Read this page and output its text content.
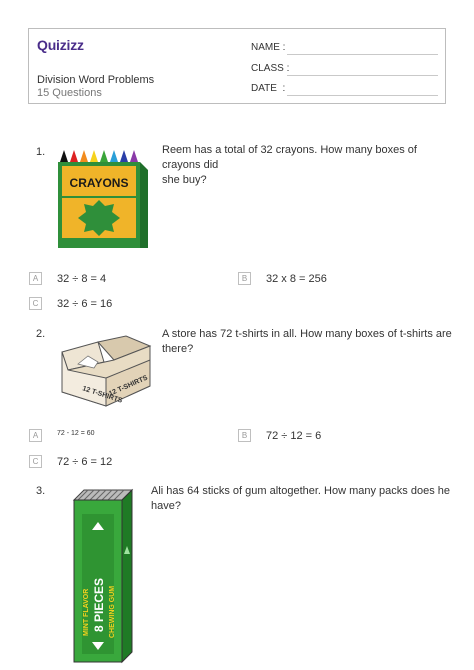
Quizizz
Division Word Problems
15 Questions
NAME :
CLASS :
DATE  :
1.
CRAYONS
Reem has a total of 32 crayons. How many boxes of crayons did
she buy?
A	32 ÷ 8 = 4	B	32 x 8 = 256
C	32 ÷ 6 = 16
2.
12 T-SHIRTS
12 T-SHIRTS
A store has 72 t-shirts in all. How many boxes of t-shirts are
there?
A	72 - 12 = 60	B	72 ÷ 12 = 6
C	72 ÷ 6 = 12
3.
MINT FLAVOR 8 PIECES CHEWING GUM
Ali has 64 sticks of gum altogether. How many packs does he have?
